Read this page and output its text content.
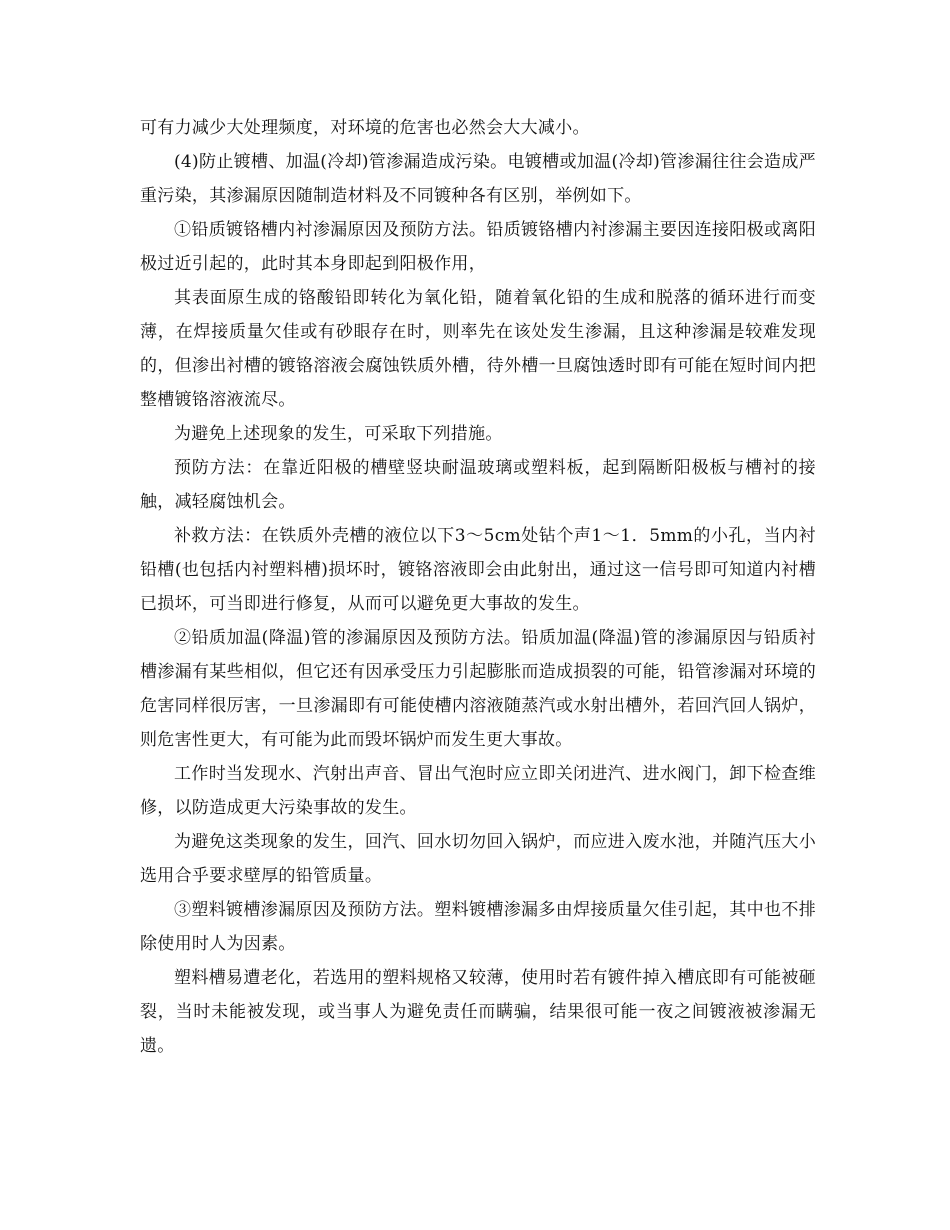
可有力减少大处理频度，对环境的危害也必然会大大减小。

(4)防止镀槽、加温(冷却)管渗漏造成污染。电镀槽或加温(冷却)管渗漏往往会造成严重污染，其渗漏原因随制造材料及不同镀种各有区别，举例如下。

①铅质镀铬槽内衬渗漏原因及预防方法。铅质镀铬槽内衬渗漏主要因连接阳极或离阳极过近引起的，此时其本身即起到阳极作用，

其表面原生成的铬酸铅即转化为氧化铅，随着氧化铅的生成和脱落的循环进行而变薄，在焊接质量欠佳或有砂眼存在时，则率先在该处发生渗漏，且这种渗漏是较难发现的，但渗出衬槽的镀铬溶液会腐蚀铁质外槽，待外槽一旦腐蚀透时即有可能在短时间内把整槽镀铬溶液流尽。

为避免上述现象的发生，可采取下列措施。

预防方法：在靠近阳极的槽壁竖块耐温玻璃或塑料板，起到隔断阳极板与槽衬的接触，减轻腐蚀机会。

补救方法：在铁质外壳槽的液位以下3～5cm处钻个声1～1．5mm的小孔，当内衬铅槽(也包括内衬塑料槽)损坏时，镀铬溶液即会由此射出，通过这一信号即可知道内衬槽已损坏，可当即进行修复，从而可以避免更大事故的发生。

②铅质加温(降温)管的渗漏原因及预防方法。铅质加温(降温)管的渗漏原因与铅质衬槽渗漏有某些相似，但它还有因承受压力引起膨胀而造成损裂的可能，铅管渗漏对环境的危害同样很厉害，一旦渗漏即有可能使槽内溶液随蒸汽或水射出槽外，若回汽回人锅炉，则危害性更大，有可能为此而毁坏锅炉而发生更大事故。

工作时当发现水、汽射出声音、冒出气泡时应立即关闭进汽、进水阀门，卸下检查维修，以防造成更大污染事故的发生。

为避免这类现象的发生，回汽、回水切勿回入锅炉，而应进入废水池，并随汽压大小选用合乎要求壁厚的铅管质量。

③塑料镀槽渗漏原因及预防方法。塑料镀槽渗漏多由焊接质量欠佳引起，其中也不排除使用时人为因素。

塑料槽易遭老化，若选用的塑料规格又较薄，使用时若有镀件掉入槽底即有可能被砸裂，当时未能被发现，或当事人为避免责任而瞒骗，结果很可能一夜之间镀液被渗漏无遗。
